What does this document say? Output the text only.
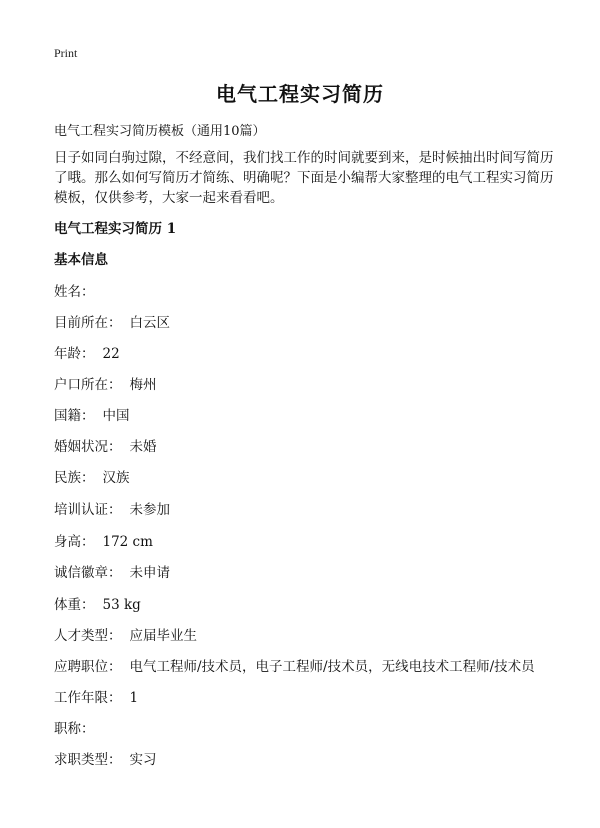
Print
电气工程实习简历
电气工程实习简历模板（通用10篇）
日子如同白驹过隙，不经意间，我们找工作的时间就要到来，是时候抽出时间写简历了哦。那么如何写简历才简练、明确呢？下面是小编帮大家整理的电气工程实习简历模板，仅供参考，大家一起来看看吧。
电气工程实习简历 1
基本信息
姓名：
目前所在： 白云区
年龄： 22
户口所在： 梅州
国籍： 中国
婚姻状况： 未婚
民族： 汉族
培训认证： 未参加
身高： 172 cm
诚信徽章： 未申请
体重： 53 kg
人才类型： 应届毕业生
应聘职位： 电气工程师/技术员，电子工程师/技术员，无线电技术工程师/技术员
工作年限： 1
职称：
求职类型： 实习
